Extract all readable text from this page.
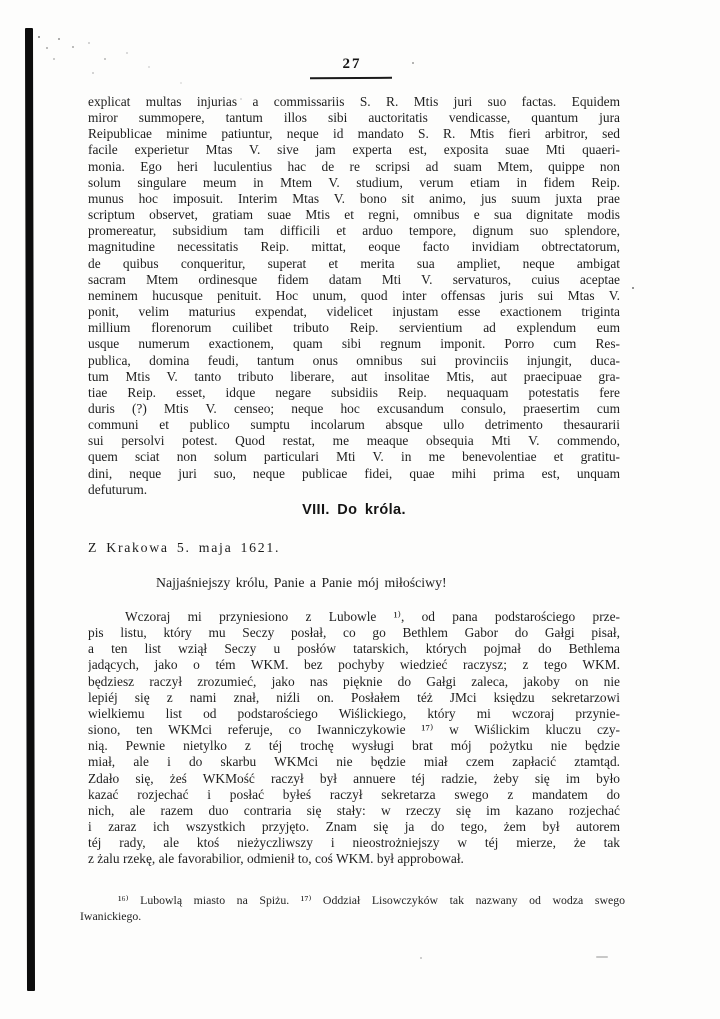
27
explicat multas injurias a commissariis S. R. Mtis juri suo factas. Equidem
miror summopere, tantum illos sibi auctoritatis vendicasse, quantum jura
Reipublicae minime patiuntur, neque id mandato S. R. Mtis fieri arbitror, sed
facile experietur Mtas V. sive jam experta est, exposita suae Mti quaeri-
monia. Ego heri luculentius hac de re scripsi ad suam Mtem, quippe non
solum singulare meum in Mtem V. studium, verum etiam in fidem Reip.
munus hoc imposuit. Interim Mtas V. bono sit animo, jus suum juxta prae
scriptum observet, gratiam suae Mtis et regni, omnibus e sua dignitate modis
promereatur, subsidium tam difficili et arduo tempore, dignum suo splendore,
magnitudine necessitatis Reip. mittat, eoque facto invidiam obtrectatorum,
de quibus conqueritur, superat et merita sua ampliet, neque ambigat
sacram Mtem ordinesque fidem datam Mti V. servaturos, cuius aceptae
neminem hucusque penituit. Hoc unum, quod inter offensas juris sui Mtas V.
ponit, velim maturius expendat, videlicet injustam esse exactionem triginta
millium florenorum cuilibet tributo Reip. servientium ad explendum eum
usque numerum exactionem, quam sibi regnum imponit. Porro cum Res-
publica, domina feudi, tantum onus omnibus sui provinciis injungit, duca-
tum Mtis V. tanto tributo liberare, aut insolitae Mtis, aut praecipuae gra-
tiae Reip. esset, idque negare subsidiis Reip. nequaquam potestatis fere
duris (?) Mtis V. censeo; neque hoc excusandum consulo, praesertim cum
communi et publico sumptu incolarum absque ullo detrimento thesaurarii
sui persolvi potest. Quod restat, me meaque obsequia Mti V. commendo,
quem sciat non solum particulari Mti V. in me benevolentiae et gratitu-
dini, neque juri suo, neque publicae fidei, quae mihi prima est, unquam
defuturum.
VIII. Do króla.
Z Krakowa 5. maja 1621.
Najjaśniejszy królu, Panie a Panie mój miłościwy!
Wczoraj mi przyniesiono z Lubowle ¹⁾, od pana podstarościego prze-
pis listu, który mu Seczy posłał, co go Bethlem Gabor do Gałgi pisał,
a ten list wziął Seczy u posłów tatarskich, których pojmał do Bethlema
jadących, jako o tém WKM. bez pochyby wiedzieć raczysz; z tego WKM.
będziesz raczył zrozumieć, jako nas pięknie do Gałgi zaleca, jakoby on nie
lepiéj się z nami znał, niźli on. Posłałem téż JMci księdzu sekretarzowi
wielkiemu list od podstarościego Wiślickiego, który mi wczoraj przynie-
siono, ten WKMci referuje, co Iwanniczykowie ¹⁷⁾ w Wiślickim kluczu czy-
nią. Pewnie nietylko z téj trochę wysługi brat mój pożytku nie będzie
miał, ale i do skarbu WKMci nie będzie miał czem zapłacić ztamtąd.
Zdało się, żeś WKMość raczył był annuere téj radzie, żeby się im było
kazać rozjechać i posłać byłeś raczył sekretarza swego z mandatem do
nich, ale razem duo contraria się stały: w rzeczy się im kazano rozjechać
i zaraz ich wszystkich przyjęto. Znam się ja do tego, żem był autorem
téj rady, ale ktoś nieżyczliwszy i nieostrożniejszy w téj mierze, że tak
z żalu rzekę, ale favorabilior, odmienił to, coś WKM. był approbował.
¹⁶⁾ Lubowlą miasto na Spiżu. ¹⁷⁾ Oddział Lisowczyków tak nazwany od wodza swego
Iwanickiego.
